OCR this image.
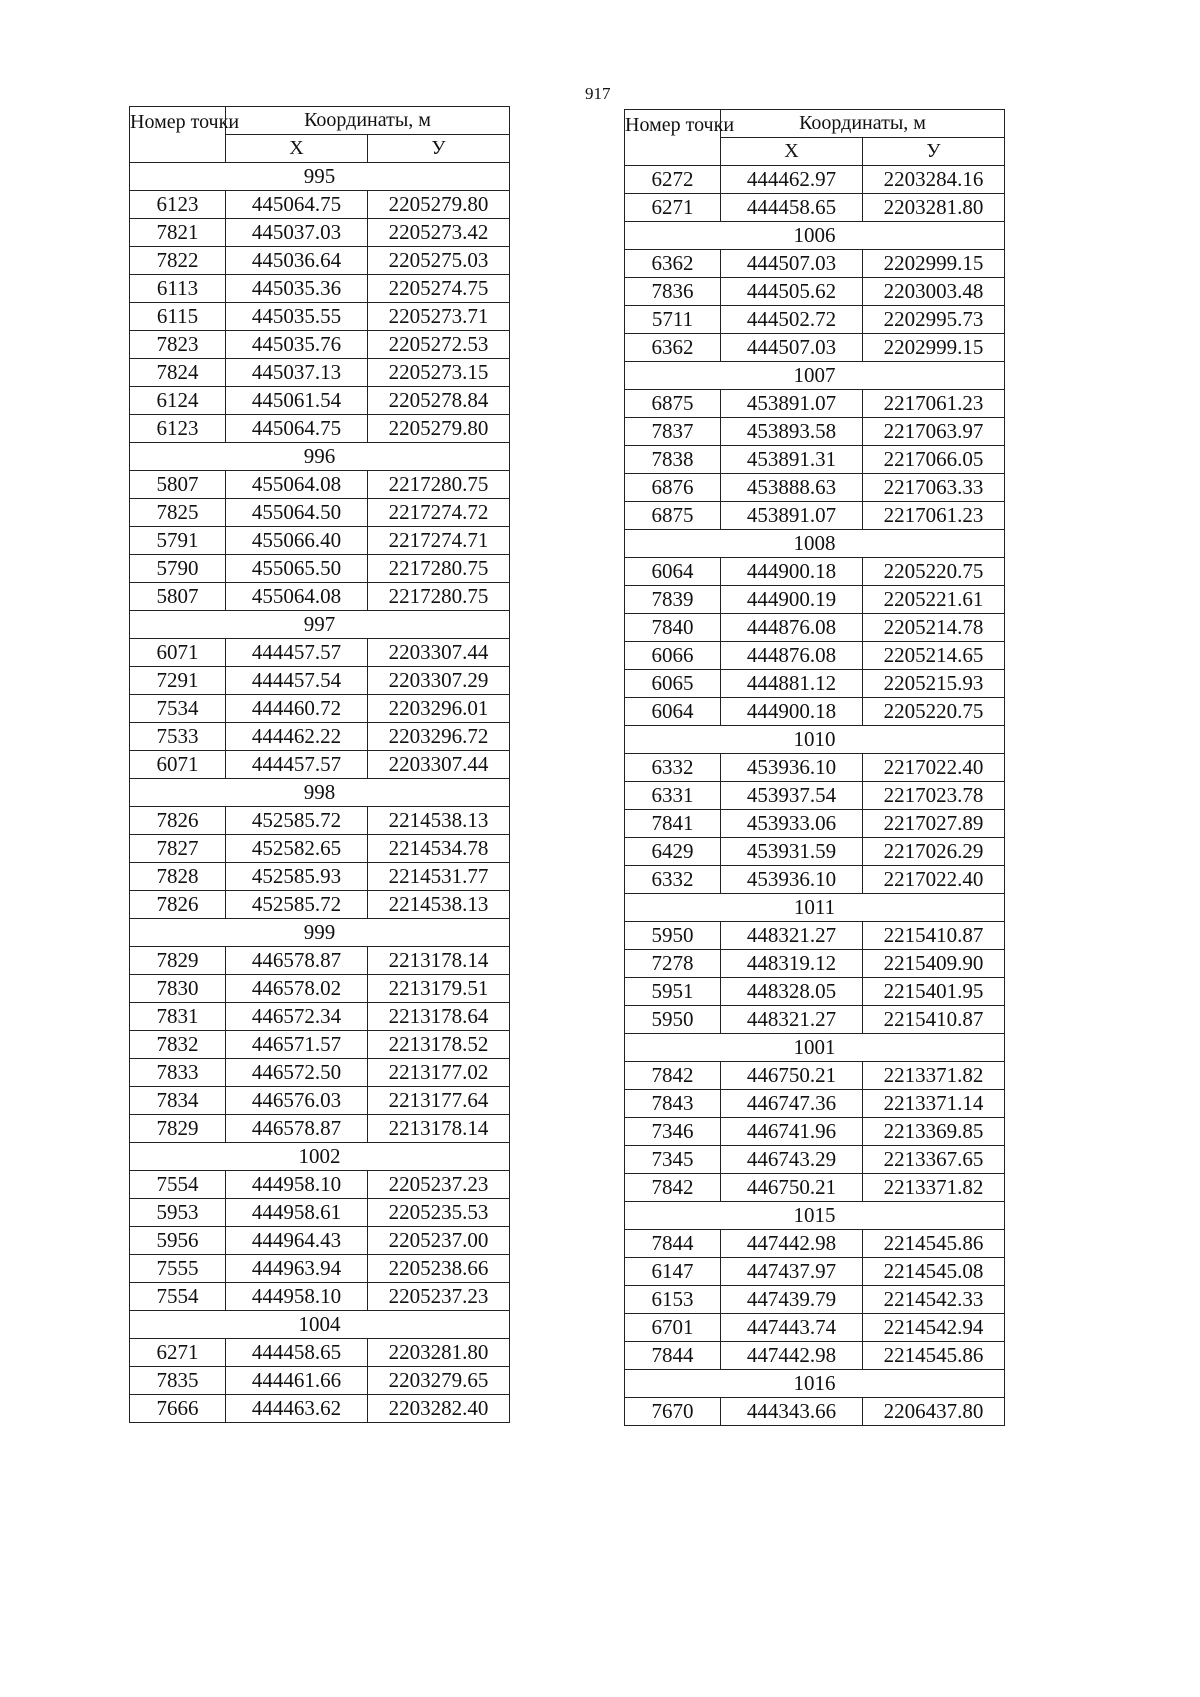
917
Номер точки	Координаты, м	
	X	У
995		
6123	445064.75	2205279.80
7821	445037.03	2205273.42
7822	445036.64	2205275.03
6113	445035.36	2205274.75
6115	445035.55	2205273.71
7823	445035.76	2205272.53
7824	445037.13	2205273.15
6124	445061.54	2205278.84
6123	445064.75	2205279.80
996		
5807	455064.08	2217280.75
7825	455064.50	2217274.72
5791	455066.40	2217274.71
5790	455065.50	2217280.75
5807	455064.08	2217280.75
997		
6071	444457.57	2203307.44
7291	444457.54	2203307.29
7534	444460.72	2203296.01
7533	444462.22	2203296.72
6071	444457.57	2203307.44
998		
7826	452585.72	2214538.13
7827	452582.65	2214534.78
7828	452585.93	2214531.77
7826	452585.72	2214538.13
999		
7829	446578.87	2213178.14
7830	446578.02	2213179.51
7831	446572.34	2213178.64
7832	446571.57	2213178.52
7833	446572.50	2213177.02
7834	446576.03	2213177.64
7829	446578.87	2213178.14
1002		
7554	444958.10	2205237.23
5953	444958.61	2205235.53
5956	444964.43	2205237.00
7555	444963.94	2205238.66
7554	444958.10	2205237.23
1004		
6271	444458.65	2203281.80
7835	444461.66	2203279.65
7666	444463.62	2203282.40
Номер точки	Координаты, м	
	X	У
6272	444462.97	2203284.16
6271	444458.65	2203281.80
1006		
6362	444507.03	2202999.15
7836	444505.62	2203003.48
5711	444502.72	2202995.73
6362	444507.03	2202999.15
1007		
6875	453891.07	2217061.23
7837	453893.58	2217063.97
7838	453891.31	2217066.05
6876	453888.63	2217063.33
6875	453891.07	2217061.23
1008		
6064	444900.18	2205220.75
7839	444900.19	2205221.61
7840	444876.08	2205214.78
6066	444876.08	2205214.65
6065	444881.12	2205215.93
6064	444900.18	2205220.75
1010		
6332	453936.10	2217022.40
6331	453937.54	2217023.78
7841	453933.06	2217027.89
6429	453931.59	2217026.29
6332	453936.10	2217022.40
1011		
5950	448321.27	2215410.87
7278	448319.12	2215409.90
5951	448328.05	2215401.95
5950	448321.27	2215410.87
1001		
7842	446750.21	2213371.82
7843	446747.36	2213371.14
7346	446741.96	2213369.85
7345	446743.29	2213367.65
7842	446750.21	2213371.82
1015		
7844	447442.98	2214545.86
6147	447437.97	2214545.08
6153	447439.79	2214542.33
6701	447443.74	2214542.94
7844	447442.98	2214545.86
1016		
7670	444343.66	2206437.80
